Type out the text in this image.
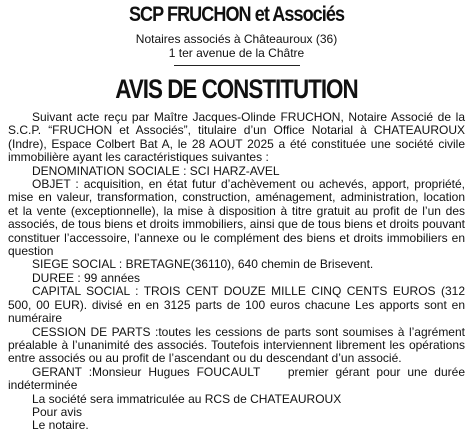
SCP FRUCHON et Associés

Notaires associés à Châteauroux (36)

1 ter avenue de la Châtre

AVIS DE CONSTITUTION

Suivant acte reçu par Maître Jacques-Olinde FRUCHON, Notaire Associé de la S.C.P. “FRUCHON et Associés”, titulaire d’un Office Notarial à CHATEAUROUX (Indre), Espace Colbert Bat A, le 28 AOUT 2025 a été constituée une société civile immobilière ayant les caractéristiques suivantes :

DENOMINATION SOCIALE : SCI HARZ-AVEL

OBJET : acquisition, en état futur d’achèvement ou achevés, apport, propriété, mise en valeur, transformation, construction, aménagement, administration, location et la vente (exceptionnelle), la mise à disposition à titre gratuit au profit de l’un des associés, de tous biens et droits immobiliers, ainsi que de tous biens et droits pouvant constituer l’accessoire, l’annexe ou le complément des biens et droits immobiliers en question

SIEGE SOCIAL : BRETAGNE(36110), 640 chemin de Brisevent.

DUREE : 99 années

CAPITAL SOCIAL : TROIS CENT DOUZE MILLE CINQ CENTS EUROS (312 500, 00 EUR). divisé en en 3125 parts de 100 euros chacune Les apports sont en numéraire

CESSION DE PARTS :toutes les cessions de parts sont soumises à l’agrément préalable à l’unanimité des associés. Toutefois interviennent librement les opérations entre associés ou au profit de l’ascendant ou du descendant d’un associé.

GERANT :Monsieur Hugues FOUCAULT    premier gérant pour une durée indéterminée

La société sera immatriculée au RCS de CHATEAUROUX

Pour avis

Le notaire.
